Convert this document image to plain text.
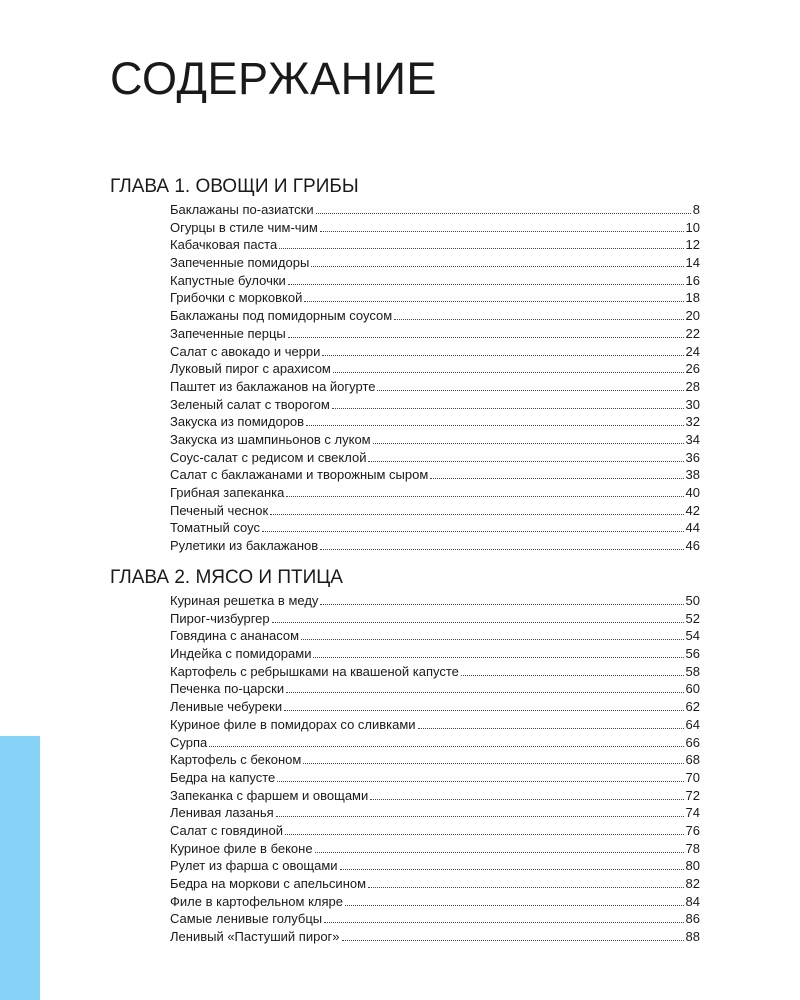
СОДЕРЖАНИЕ
ГЛАВА 1. ОВОЩИ И ГРИБЫ
Баклажаны по-азиатски	8
Огурцы в стиле чим-чим	10
Кабачковая паста	12
Запеченные помидоры	14
Капустные булочки	16
Грибочки с морковкой	18
Баклажаны под помидорным соусом	20
Запеченные перцы	22
Салат с авокадо и черри	24
Луковый пирог с арахисом	26
Паштет из баклажанов на йогурте	28
Зеленый салат с творогом	30
Закуска из помидоров	32
Закуска из шампиньонов с луком	34
Соус-салат с редисом и свеклой	36
Салат с баклажанами и творожным сыром	38
Грибная запеканка	40
Печеный чеснок	42
Томатный соус	44
Рулетики из баклажанов	46
ГЛАВА 2. МЯСО И ПТИЦА
Куриная решетка в меду	50
Пирог-чизбургер	52
Говядина с ананасом	54
Индейка с помидорами	56
Картофель с ребрышками на квашеной капусте	58
Печенка по-царски	60
Ленивые чебуреки	62
Куриное филе в помидорах со сливками	64
Сурпа	66
Картофель с беконом	68
Бедра на капусте	70
Запеканка с фаршем и овощами	72
Ленивая лазанья	74
Салат с говядиной	76
Куриное филе в беконе	78
Рулет из фарша с овощами	80
Бедра на моркови с апельсином	82
Филе в картофельном кляре	84
Самые ленивые голубцы	86
Ленивый «Пастуший пирог»	88
